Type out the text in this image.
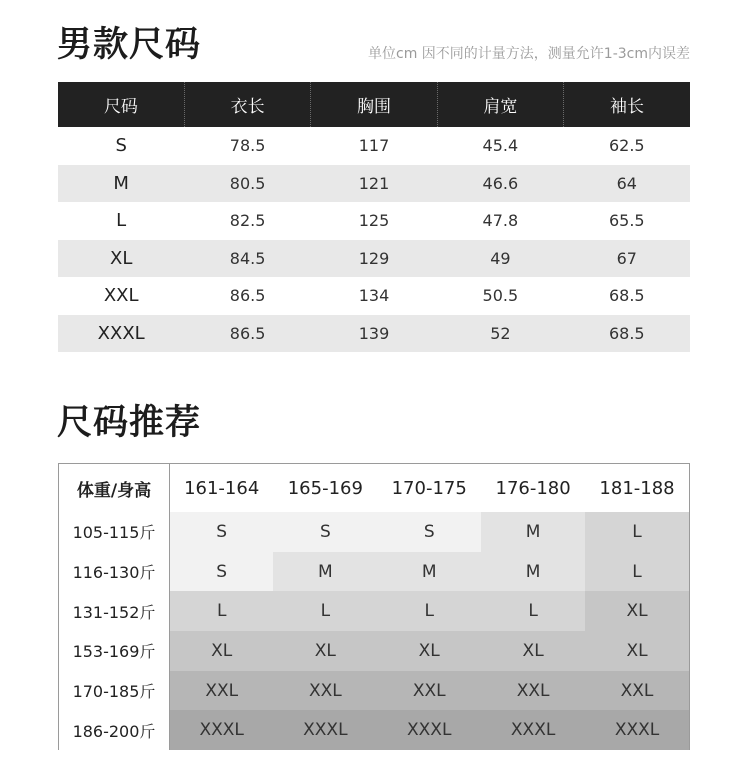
男款尺码	单位cm 因不同的计量方法，测量允许1-3cm内误差
尺码	衣长	胸围	肩宽	袖长
S	78.5	117	45.4	62.5
M	80.5	121	46.6	64
L	82.5	125	47.8	65.5
XL	84.5	129	49	67
XXL	86.5	134	50.5	68.5
XXXL	86.5	139	52	68.5
尺码推荐
体重/身高	161-164	165-169	170-175	176-180	181-188
105-115斤	S	S	S	M	L
116-130斤	S	M	M	M	L
131-152斤	L	L	L	L	XL
153-169斤	XL	XL	XL	XL	XL
170-185斤	XXL	XXL	XXL	XXL	XXL
186-200斤	XXXL	XXXL	XXXL	XXXL	XXXL
